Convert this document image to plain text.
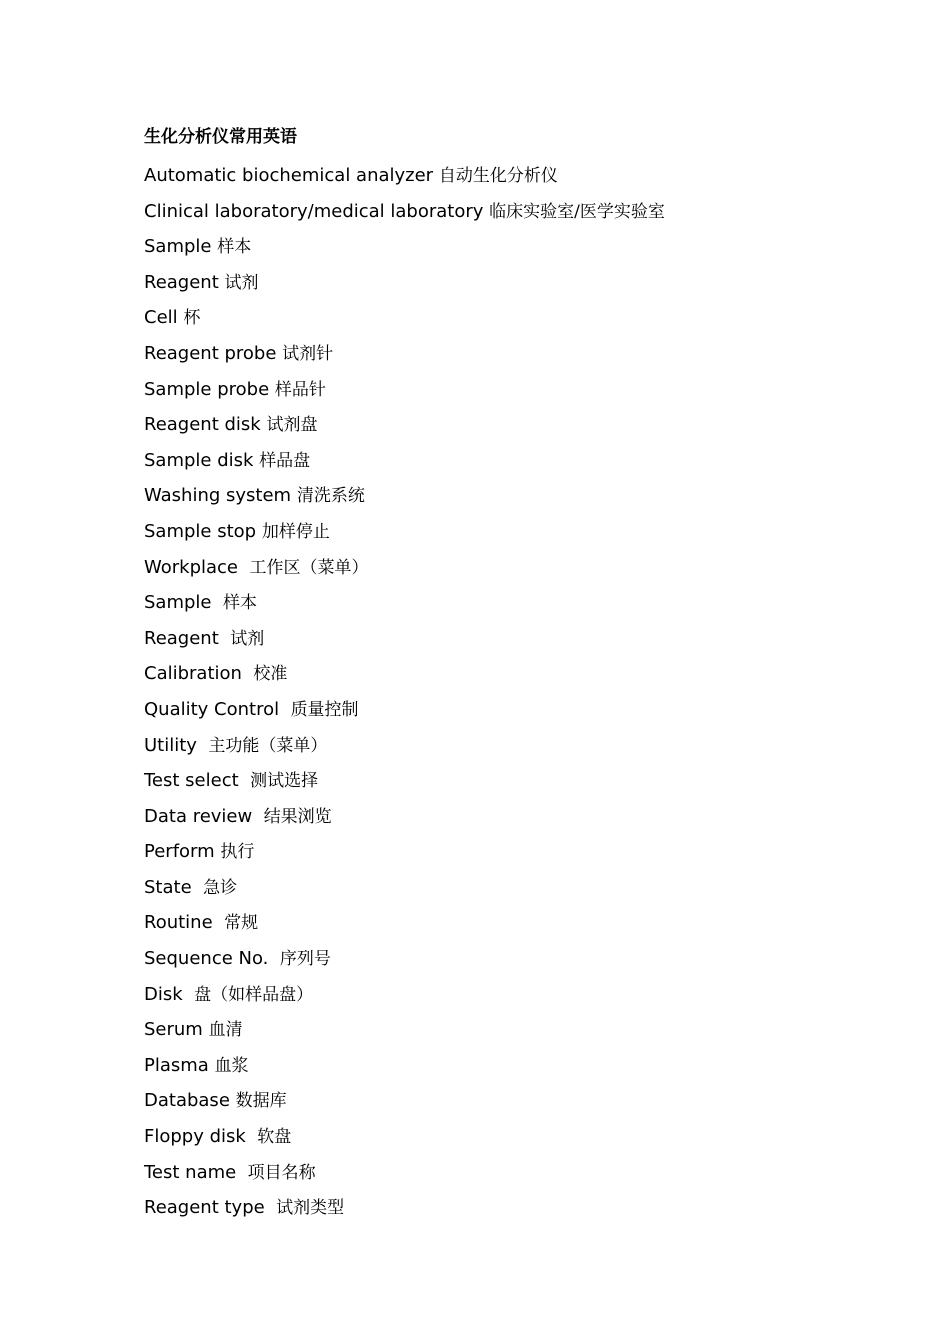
生化分析仪常用英语
Automatic biochemical analyzer 自动生化分析仪
Clinical laboratory/medical laboratory 临床实验室/医学实验室
Sample 样本
Reagent 试剂
Cell 杯
Reagent probe 试剂针
Sample probe 样品针
Reagent disk 试剂盘
Sample disk 样品盘
Washing system 清洗系统
Sample stop 加样停止
Workplace 工作区（菜单）
Sample 样本
Reagent 试剂
Calibration 校准
Quality Control 质量控制
Utility 主功能（菜单）
Test select 测试选择
Data review 结果浏览
Perform 执行
State 急诊
Routine 常规
Sequence No. 序列号
Disk 盘（如样品盘）
Serum 血清
Plasma 血浆
Database 数据库
Floppy disk 软盘
Test name 项目名称
Reagent type 试剂类型
